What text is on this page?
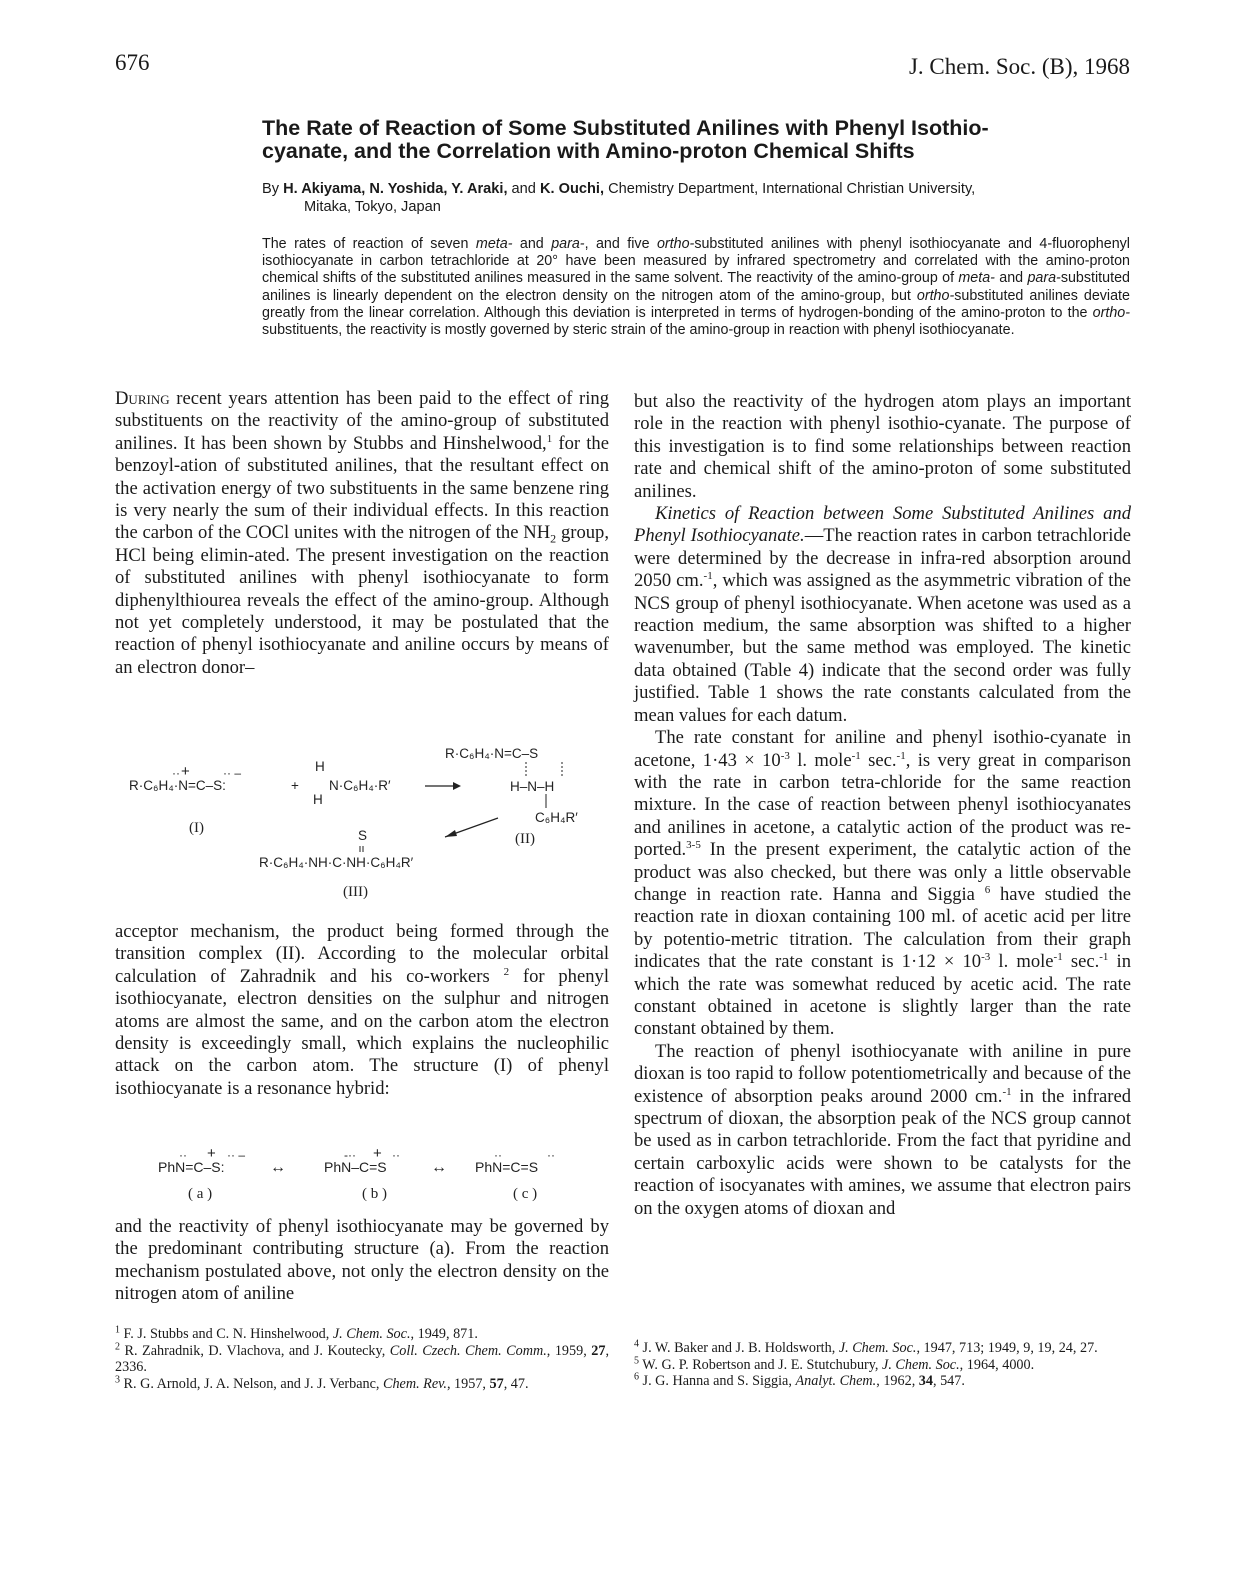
676	J. Chem. Soc. (B), 1968
The Rate of Reaction of Some Substituted Anilines with Phenyl Isothio-
cyanate, and the Correlation with Amino-proton Chemical Shifts
By H. Akiyama, N. Yoshida, Y. Araki, and K. Ouchi, Chemistry Department, International Christian University,
Mitaka, Tokyo, Japan

The rates of reaction of seven meta- and para-, and five ortho-substituted anilines with phenyl isothiocyanate and 4-fluorophenyl isothiocyanate in carbon tetrachloride at 20° have been measured by infrared spectrometry and correlated with the amino-proton chemical shifts of the substituted anilines measured in the same solvent. The reactivity of the amino-group of meta- and para-substituted anilines is linearly dependent on the electron density on the nitrogen atom of the amino-group, but ortho-substituted anilines deviate greatly from the linear correlation. Although this deviation is interpreted in terms of hydrogen-bonding of the amino-proton to the ortho-substituents, the reactivity is mostly governed by steric strain of the amino-group in reaction with phenyl isothiocyanate.

During recent years attention has been paid to the effect of ring substituents on the reactivity of the amino-group of substituted anilines. It has been shown by Stubbs and Hinshelwood,$^1$ for the benzoyl-ation of substituted anilines, that the resultant effect on the activation energy of two substituents in the same benzene ring is very nearly the sum of their individual effects. In this reaction the carbon of the COCl unites with the nitrogen of the $NH_2$ group, HCl being elimin-ated. The present investigation on the reaction of substituted anilines with phenyl isothiocyanate to form diphenylthiourea reveals the effect of the amino-group. Although not yet completely understood, it may be postulated that the reaction of phenyl isothiocyanate and aniline occurs by means of an electron donor–

R·C₆H₄·N=C–S
H–N–H
C₆H₄R′
R·C₆H₄·N=C–S:
+
··	·· –
+
H
N·C₆H₄·R′
H
(I)
(II)
S
R·C₆H₄·NH·C·NH·C₆H₄R′
(III)

acceptor mechanism, the product being formed through the transition complex (II). According to the molecular orbital calculation of Zahradnik and his co-workers $^2$ for phenyl isothiocyanate, electron densities on the sulphur and nitrogen atoms are almost the same, and on the carbon atom the electron density is exceedingly small, which explains the nucleophilic attack on the carbon atom. The structure (I) of phenyl isothiocyanate is a resonance hybrid:

PhN=C–S:
·· + ·· –
( a )
↔	PhN–C=S
-·· + ··
( b )
↔ PhN=C=S
··	··
( c )

and the reactivity of phenyl isothiocyanate may be governed by the predominant contributing structure (a). From the reaction mechanism postulated above, not only the electron density on the nitrogen atom of aniline

but also the reactivity of the hydrogen atom plays an important role in the reaction with phenyl isothio-cyanate. The purpose of this investigation is to find some relationships between reaction rate and chemical shift of the amino-proton of some substituted anilines.

Kinetics of Reaction between Some Substituted Anilines and Phenyl Isothiocyanate.—The reaction rates in carbon tetrachloride were determined by the decrease in infra-red absorption around 2050 cm.$^{-1}$, which was assigned as the asymmetric vibration of the NCS group of phenyl isothiocyanate. When acetone was used as a reaction medium, the same absorption was shifted to a higher wavenumber, but the same method was employed. The kinetic data obtained (Table 4) indicate that the second order was fully justified. Table 1 shows the rate constants calculated from the mean values for each datum.

The rate constant for aniline and phenyl isothio-cyanate in acetone, $1\cdot 43 \times 10^{-3}$ l. mole$^{-1}$ sec.$^{-1}$, is very great in comparison with the rate in carbon tetra-chloride for the same reaction mixture. In the case of reaction between phenyl isothiocyanates and anilines in acetone, a catalytic action of the product was re-ported.$^{3-5}$ In the present experiment, the catalytic action of the product was also checked, but there was only a little observable change in reaction rate. Hanna and Siggia $^6$ have studied the reaction rate in dioxan containing 100 ml. of acetic acid per litre by potentio-metric titration. The calculation from their graph indicates that the rate constant is $1\cdot 12 \times 10^{-3}$ l. mole$^{-1}$ sec.$^{-1}$ in which the rate was somewhat reduced by acetic acid. The rate constant obtained in acetone is slightly larger than the rate constant obtained by them.

The reaction of phenyl isothiocyanate with aniline in pure dioxan is too rapid to follow potentiometrically and because of the existence of absorption peaks around 2000 cm.$^{-1}$ in the infrared spectrum of dioxan, the absorption peak of the NCS group cannot be used as in carbon tetrachloride. From the fact that pyridine and certain carboxylic acids were shown to be catalysts for the reaction of isocyanates with amines, we assume that electron pairs on the oxygen atoms of dioxan and

$^1$ F. J. Stubbs and C. N. Hinshelwood, J. Chem. Soc., 1949, 871.

$^2$ R. Zahradnik, D. Vlachova, and J. Koutecky, Coll. Czech. Chem. Comm., 1959, 27, 2336.

$^3$ R. G. Arnold, J. A. Nelson, and J. J. Verbanc, Chem. Rev., 1957, 57, 47.

$^4$ J. W. Baker and J. B. Holdsworth, J. Chem. Soc., 1947, 713; 1949, 9, 19, 24, 27.

$^5$ W. G. P. Robertson and J. E. Stutchubury, J. Chem. Soc., 1964, 4000.

$^6$ J. G. Hanna and S. Siggia, Analyt. Chem., 1962, 34, 547.
